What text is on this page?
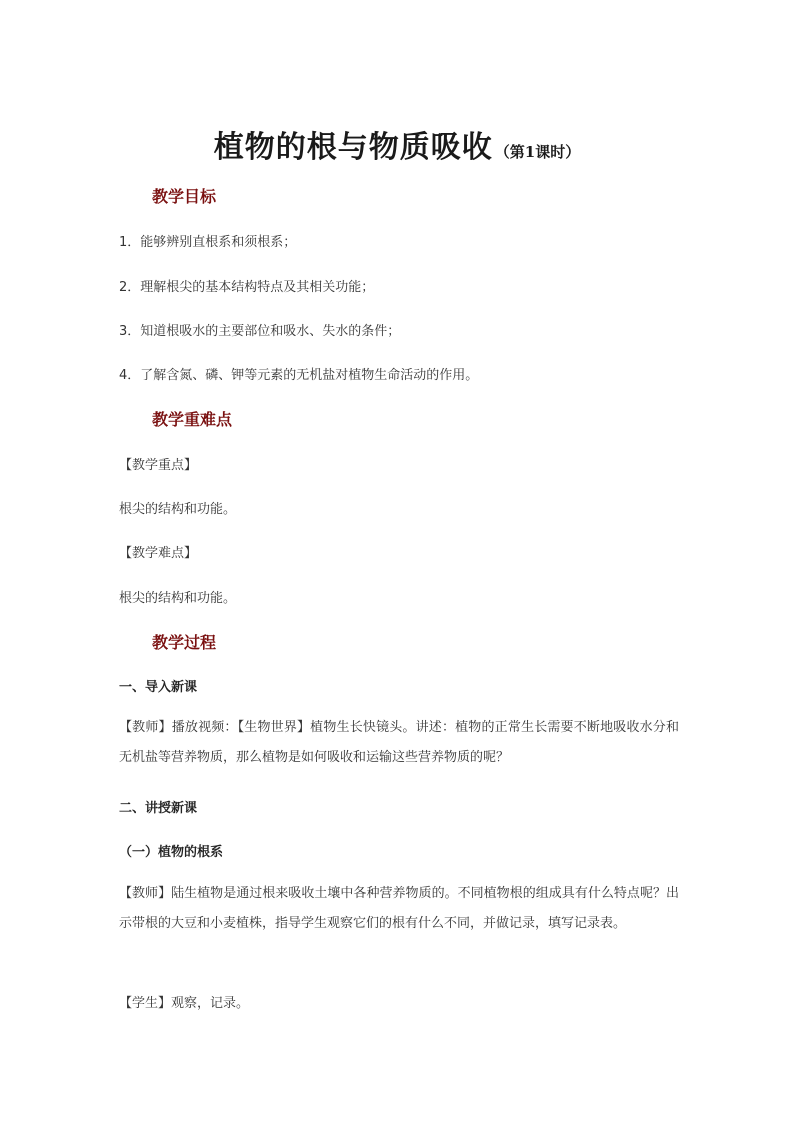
植物的根与物质吸收 （第1课时）
教学目标
1．能够辨别直根系和须根系；
2．理解根尖的基本结构特点及其相关功能；
3．知道根吸水的主要部位和吸水、失水的条件；
4．了解含氮、磷、钾等元素的无机盐对植物生命活动的作用。
教学重难点
【教学重点】
根尖的结构和功能。
【教学难点】
根尖的结构和功能。
教学过程
一、导入新课
【教师】播放视频：【生物世界】植物生长快镜头。讲述：植物的正常生长需要不断地吸收水分和无机盐等营养物质，那么植物是如何吸收和运输这些营养物质的呢？
二、讲授新课
（一）植物的根系
【教师】陆生植物是通过根来吸收土壤中各种营养物质的。不同植物根的组成具有什么特点呢？出示带根的大豆和小麦植株，指导学生观察它们的根有什么不同，并做记录，填写记录表。
【学生】观察，记录。
